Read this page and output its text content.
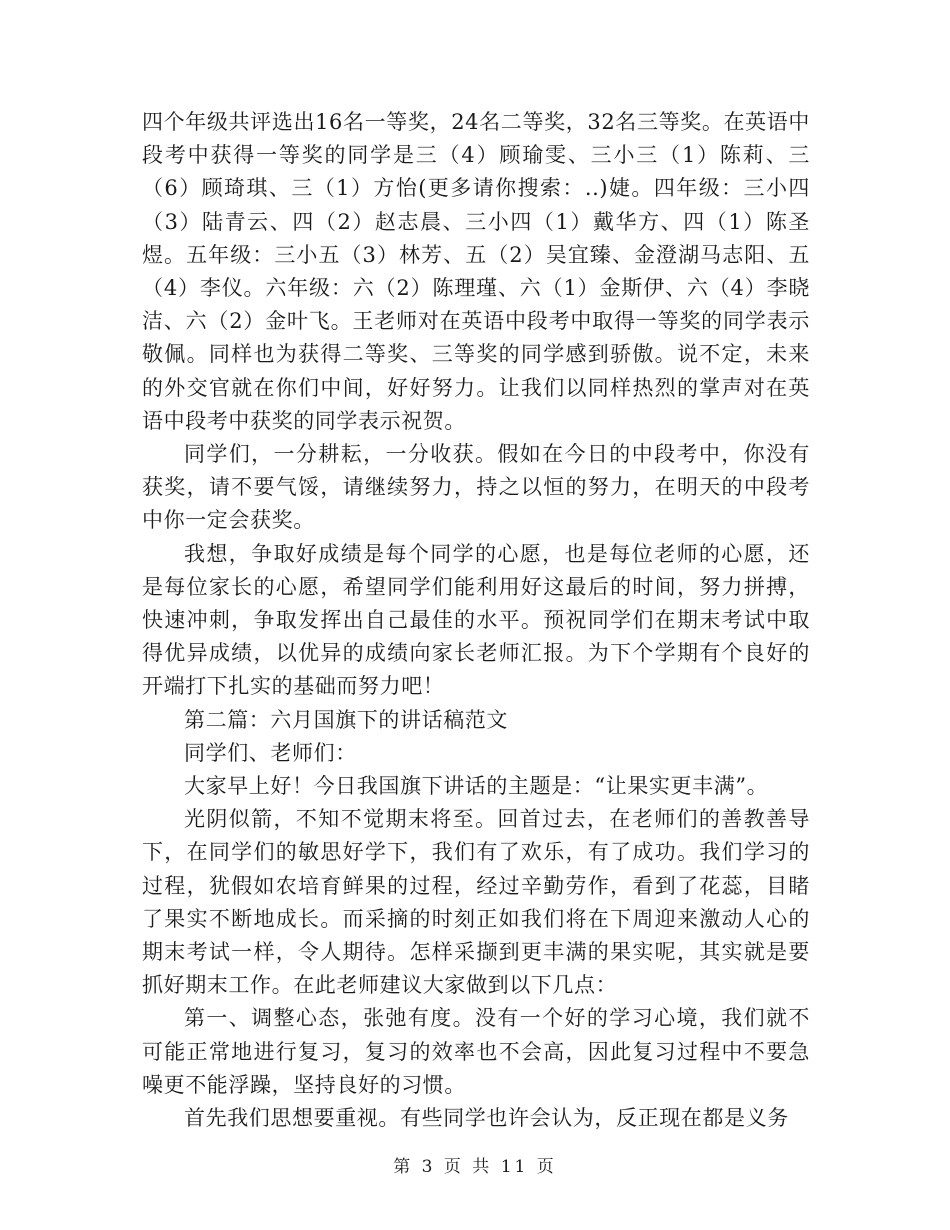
四个年级共评选出16名一等奖，24名二等奖，32名三等奖。在英语中段考中获得一等奖的同学是三（4）顾瑜雯、三小三（1）陈莉、三（6）顾琦琪、三（1）方怡(更多请你搜索：..)婕。四年级：三小四（3）陆青云、四（2）赵志晨、三小四（1）戴华方、四（1）陈圣煜。五年级：三小五（3）林芳、五（2）吴宜臻、金澄湖马志阳、五（4）李仪。六年级：六（2）陈理瑾、六（1）金斯伊、六（4）李晓洁、六（2）金叶飞。王老师对在英语中段考中取得一等奖的同学表示敬佩。同样也为获得二等奖、三等奖的同学感到骄傲。说不定，未来的外交官就在你们中间，好好努力。让我们以同样热烈的掌声对在英语中段考中获奖的同学表示祝贺。

同学们，一分耕耘，一分收获。假如在今日的中段考中，你没有获奖，请不要气馁，请继续努力，持之以恒的努力，在明天的中段考中你一定会获奖。

我想，争取好成绩是每个同学的心愿，也是每位老师的心愿，还是每位家长的心愿，希望同学们能利用好这最后的时间，努力拼搏，快速冲刺，争取发挥出自己最佳的水平。预祝同学们在期末考试中取得优异成绩，以优异的成绩向家长老师汇报。为下个学期有个良好的开端打下扎实的基础而努力吧！

第二篇：六月国旗下的讲话稿范文

同学们、老师们：

大家早上好！今日我国旗下讲话的主题是：“让果实更丰满”。

光阴似箭，不知不觉期末将至。回首过去，在老师们的善教善导下，在同学们的敏思好学下，我们有了欢乐，有了成功。我们学习的过程，犹假如农培育鲜果的过程，经过辛勤劳作，看到了花蕊，目睹了果实不断地成长。而采摘的时刻正如我们将在下周迎来激动人心的期末考试一样，令人期待。怎样采撷到更丰满的果实呢，其实就是要抓好期末工作。在此老师建议大家做到以下几点：

第一、调整心态，张弛有度。没有一个好的学习心境，我们就不可能正常地进行复习，复习的效率也不会高，因此复习过程中不要急噪更不能浮躁，坚持良好的习惯。

首先我们思想要重视。有些同学也许会认为，反正现在都是义务

第 3 页 共 11 页
